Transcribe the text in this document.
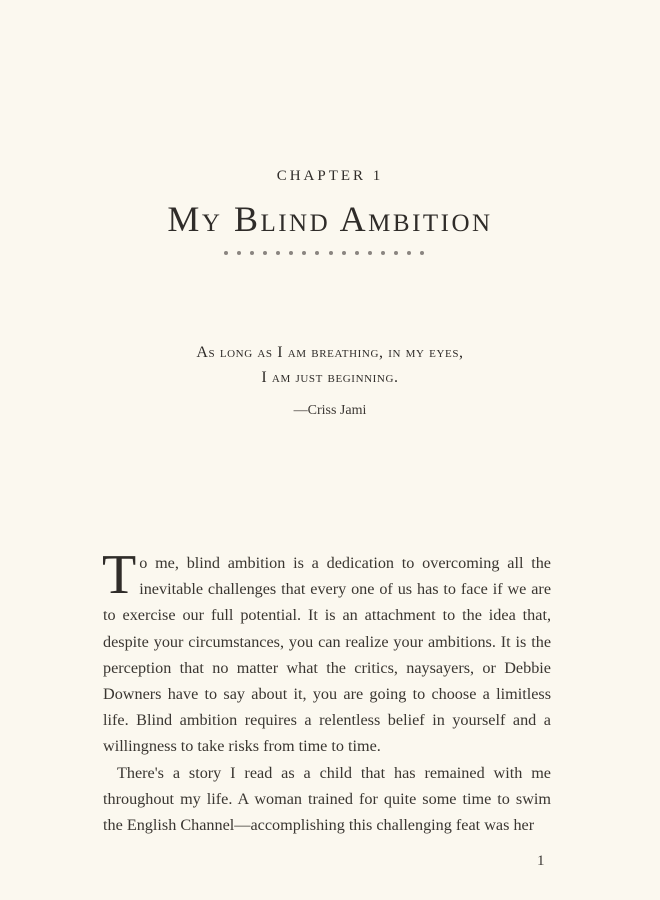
CHAPTER 1
My Blind Ambition
As long as I am breathing, in my eyes,
I am just beginning.
—Criss Jami

To me, blind ambition is a dedication to overcoming all the inevitable challenges that every one of us has to face if we are to exercise our full potential. It is an attachment to the idea that, despite your circumstances, you can realize your ambitions. It is the perception that no matter what the critics, naysayers, or Debbie Downers have to say about it, you are going to choose a limitless life. Blind ambition requires a relentless belief in yourself and a willingness to take risks from time to time.

There's a story I read as a child that has remained with me throughout my life. A woman trained for quite some time to swim the English Channel—accomplishing this challenging feat was her

1
